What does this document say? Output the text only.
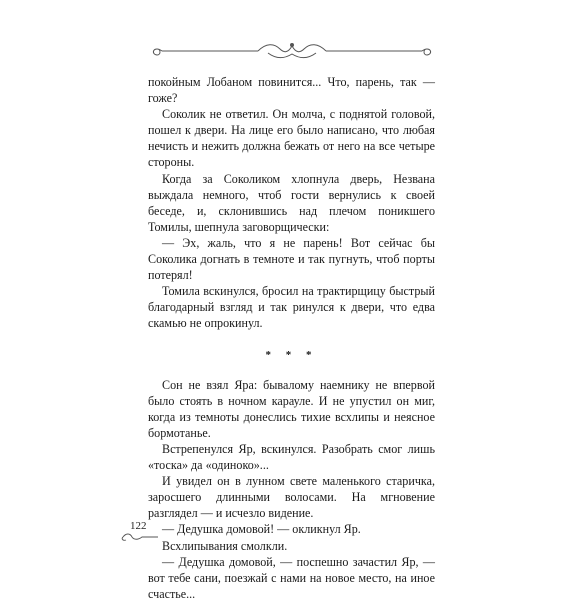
покойным Лобаном повинится... Что, парень, так — гоже?

Соколик не ответил. Он молча, с поднятой головой, пошел к двери. На лице его было написано, что любая нечисть и нежить должна бежать от него на все четыре стороны.

Когда за Соколиком хлопнула дверь, Незвана выждала немного, чтоб гости вернулись к своей беседе, и, склонившись над плечом поникшего Томилы, шепнула заговорщически:

— Эх, жаль, что я не парень! Вот сейчас бы Соколика догнать в темноте и так пугнуть, чтоб порты потерял!

Томила вскинулся, бросил на трактирщицу быстрый благодарный взгляд и так ринулся к двери, что едва скамью не опрокинул.

* * *

Сон не взял Яра: бывалому наемнику не впервой было стоять в ночном карауле. И не упустил он миг, когда из темноты донеслись тихие всхлипы и неясное бормотанье.

Встрепенулся Яр, вскинулся. Разобрать смог лишь «тоска» да «одиноко»...

И увидел он в лунном свете маленького старичка, заросшего длинными волосами. На мгновение разглядел — и исчезло видение.

— Дедушка домовой! — окликнул Яр.

Всхлипывания смолкли.

— Дедушка домовой, — поспешно зачастил Яр, — вот тебе сани, поезжай с нами на новое место, на иное счастье...

122
